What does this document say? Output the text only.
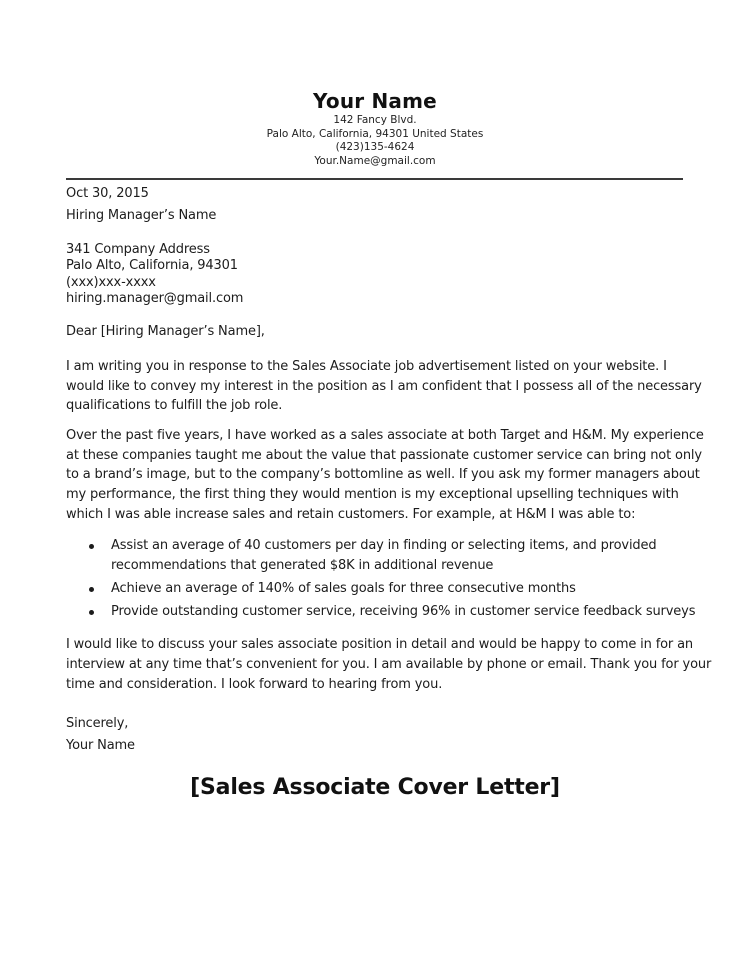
Your Name
142 Fancy Blvd.
Palo Alto, California, 94301 United States
(423)135-4624
Your.Name@gmail.com
Oct 30, 2015
Hiring Manager’s Name
341 Company Address
Palo Alto, California, 94301
(xxx)xxx-xxxx
hiring.manager@gmail.com
Dear [Hiring Manager’s Name],
I am writing you in response to the Sales Associate job advertisement listed on your website. I
would like to convey my interest in the position as I am confident that I possess all of the necessary
qualifications to fulfill the job role.
Over the past five years, I have worked as a sales associate at both Target and H&M. My experience
at these companies taught me about the value that passionate customer service can bring not only
to a brand’s image, but to the company’s bottomline as well. If you ask my former managers about
my performance, the first thing they would mention is my exceptional upselling techniques with
which I was able increase sales and retain customers. For example, at H&M I was able to:
Assist an average of 40 customers per day in finding or selecting items, and provided
recommendations that generated $8K in additional revenue
Achieve an average of 140% of sales goals for three consecutive months
Provide outstanding customer service, receiving 96% in customer service feedback surveys
I would like to discuss your sales associate position in detail and would be happy to come in for an
interview at any time that’s convenient for you. I am available by phone or email. Thank you for your
time and consideration. I look forward to hearing from you.
Sincerely,
Your Name
[Sales Associate Cover Letter]
